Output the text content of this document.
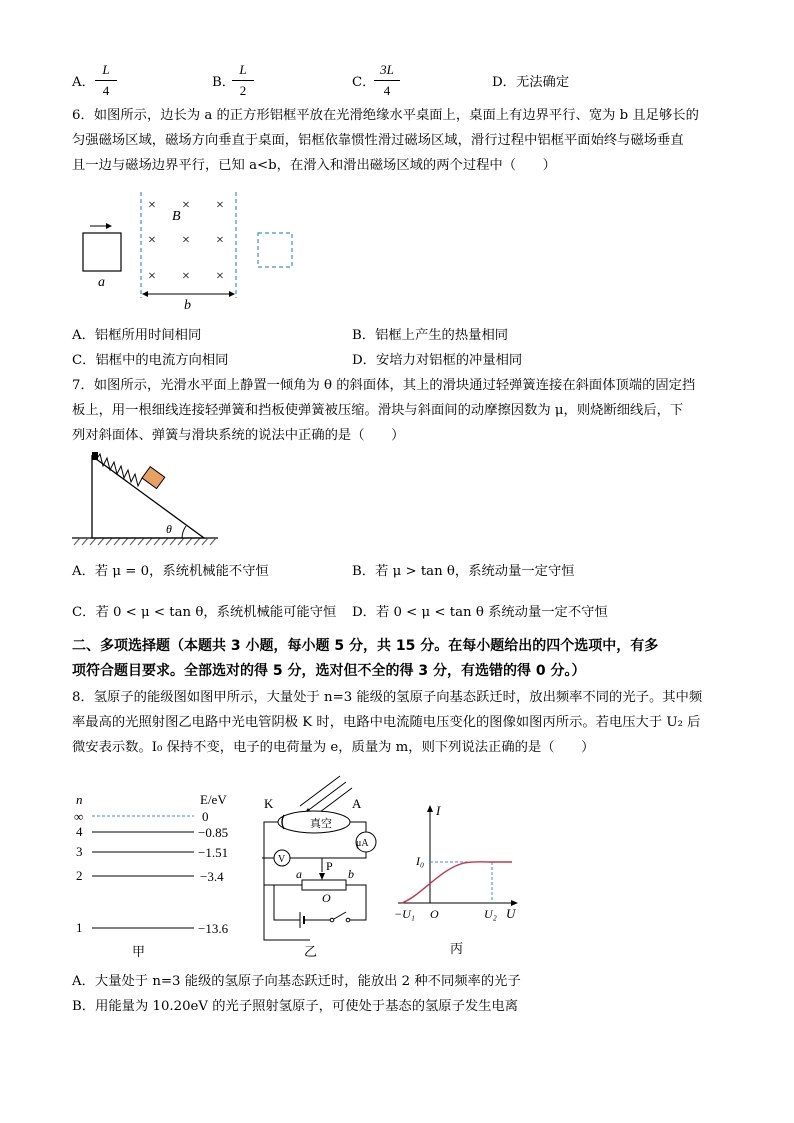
A．
L
4
B．
L
2
C．
3L
4
D．无法确定
6．如图所示，边长为 a 的正方形铝框平放在光滑绝缘水平桌面上，桌面上有边界平行、宽为 b 且足够长的
匀强磁场区域，磁场方向垂直于桌面，铝框依靠惯性滑过磁场区域，滑行过程中铝框平面始终与磁场垂直
且一边与磁场边界平行，已知 a<b，在滑入和滑出磁场区域的两个过程中（　　）
a
× × ×
× × ×
× × ×
B
b
A．铝框所用时间相同	B．铝框上产生的热量相同
C．铝框中的电流方向相同	D．安培力对铝框的冲量相同
7．如图所示，光滑水平面上静置一倾角为 θ 的斜面体，其上的滑块通过轻弹簧连接在斜面体顶端的固定挡
板上，用一根细线连接轻弹簧和挡板使弹簧被压缩。滑块与斜面间的动摩擦因数为 μ，则烧断细线后，下
列对斜面体、弹簧与滑块系统的说法中正确的是（　　）
θ
A．若 μ = 0，系统机械能不守恒	B．若 μ > tan θ，系统动量一定守恒
C．若 0 < μ < tan θ，系统机械能可能守恒 D．若 0 < μ < tan θ 系统动量一定不守恒
二、多项选择题（本题共 3 小题，每小题 5 分，共 15 分。在每小题给出的四个选项中，有多
项符合题目要求。全部选对的得 5 分，选对但不全的得 3 分，有选错的得 0 分。）
8．氢原子的能级图如图甲所示，大量处于 n=3 能级的氢原子向基态跃迁时，放出频率不同的光子。其中频
率最高的光照射图乙电路中光电管阴极 K 时，电路中电流随电压变化的图像如图丙所示。若电压大于 U₂ 后
微安表示数。I₀ 保持不变，电子的电荷量为 e，质量为 m，则下列说法正确的是（　　）
n	E/eV
∞	0
4	−0.85
3	−1.51
2	−3.4
1	−13.6
甲
K	A
真空
μA
V	P
a	b
O
乙
I
U
I₀
−U₁ O	U₂
丙
A．大量处于 n=3 能级的氢原子向基态跃迁时，能放出 2 种不同频率的光子
B．用能量为 10.20eV 的光子照射氢原子，可使处于基态的氢原子发生电离
